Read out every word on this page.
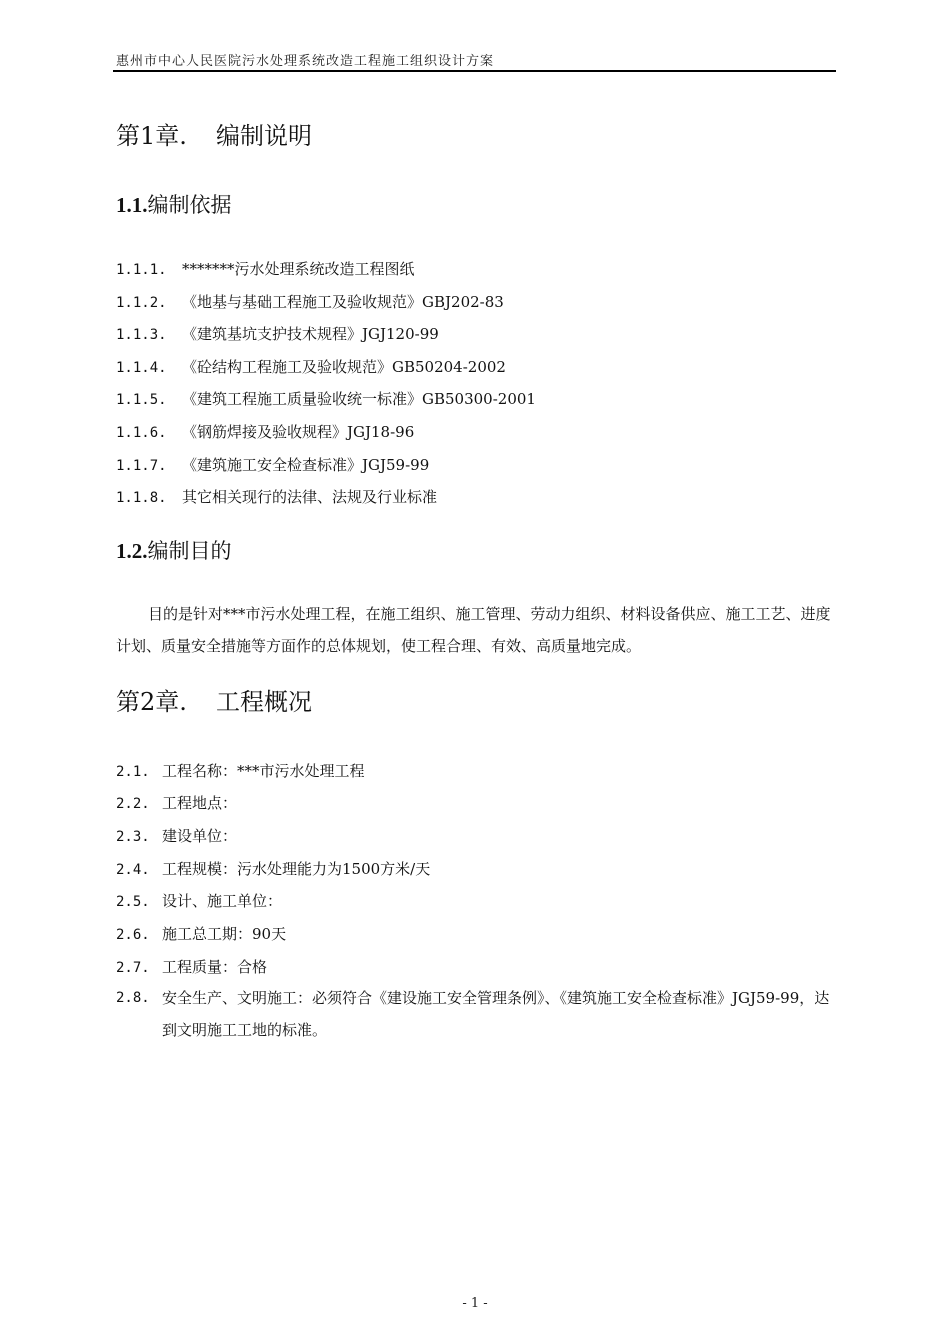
惠州市中心人民医院污水处理系统改造工程施工组织设计方案
第1章. 编制说明
1.1.编制依据
1.1.1. *******污水处理系统改造工程图纸
1.1.2. 《地基与基础工程施工及验收规范》GBJ202-83
1.1.3. 《建筑基坑支护技术规程》JGJ120-99
1.1.4. 《砼结构工程施工及验收规范》GB50204-2002
1.1.5. 《建筑工程施工质量验收统一标准》GB50300-2001
1.1.6. 《钢筋焊接及验收规程》JGJ18-96
1.1.7. 《建筑施工安全检查标准》JGJ59-99
1.1.8. 其它相关现行的法律、法规及行业标准
1.2.编制目的
目的是针对***市污水处理工程，在施工组织、施工管理、劳动力组织、材料设备供应、施工工艺、进度计划、质量安全措施等方面作的总体规划，使工程合理、有效、高质量地完成。
第2章. 工程概况
2.1. 工程名称：***市污水处理工程
2.2. 工程地点：
2.3. 建设单位：
2.4. 工程规模：污水处理能力为1500方米/天
2.5. 设计、施工单位：
2.6. 施工总工期：90天
2.7. 工程质量：合格
2.8. 安全生产、文明施工：必须符合《建设施工安全管理条例》、《建筑施工安全检查标准》JGJ59-99，达到文明施工工地的标准。
- 1 -
